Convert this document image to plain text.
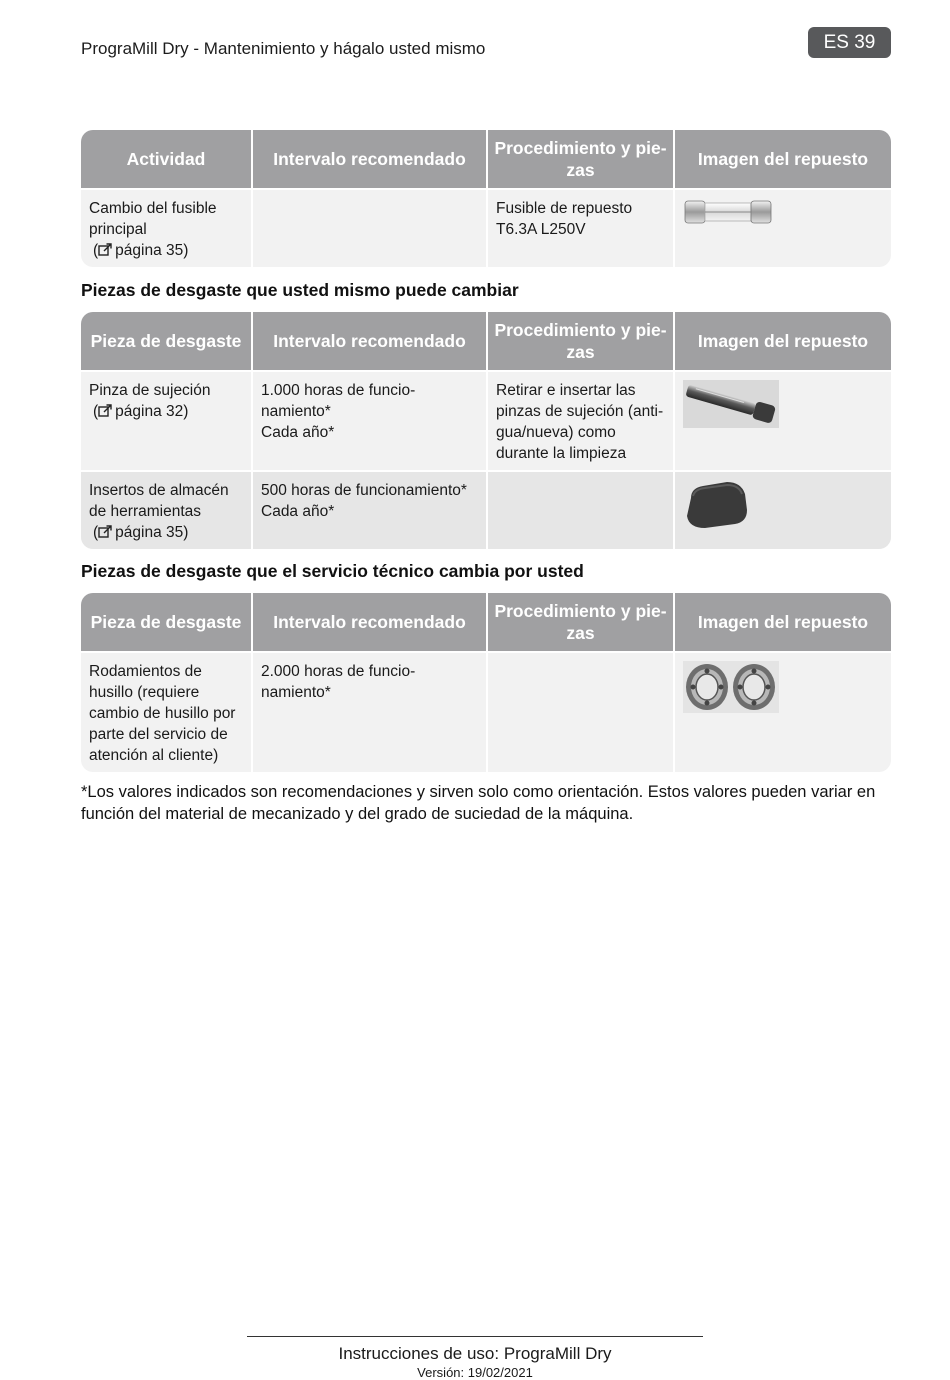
PrograMill Dry - Mantenimiento y hágalo usted mismo	ES 39
Actividad	Intervalo recomendado	Procedimiento y pie-
zas	Imagen del repuesto

Cambio del fusible
principal
( página 35)		Fusible de repuesto
T6.3A L250V

Piezas de desgaste que usted mismo puede cambiar
Pieza de desgaste	Intervalo recomendado	Procedimiento y pie-
zas	Imagen del repuesto

Pinza de sujeción
( página 32)	1.000 horas de funcio-
namiento*
Cada año*	Retirar e insertar las
pinzas de sujeción (anti-
gua/nueva) como
durante la limpieza

Insertos de almacén
de herramientas
( página 35)	500 horas de funcionamiento*
Cada año*

Piezas de desgaste que el servicio técnico cambia por usted
Pieza de desgaste	Intervalo recomendado	Procedimiento y pie-
zas	Imagen del repuesto

Rodamientos de
husillo (requiere
cambio de husillo por
parte del servicio de
atención al cliente)	2.000 horas de funcio-
namiento*

*Los valores indicados son recomendaciones y sirven solo como orientación. Estos valores pueden variar en función del material de mecanizado y del grado de suciedad de la máquina.
Instrucciones de uso: PrograMill Dry
Versión: 19/02/2021
